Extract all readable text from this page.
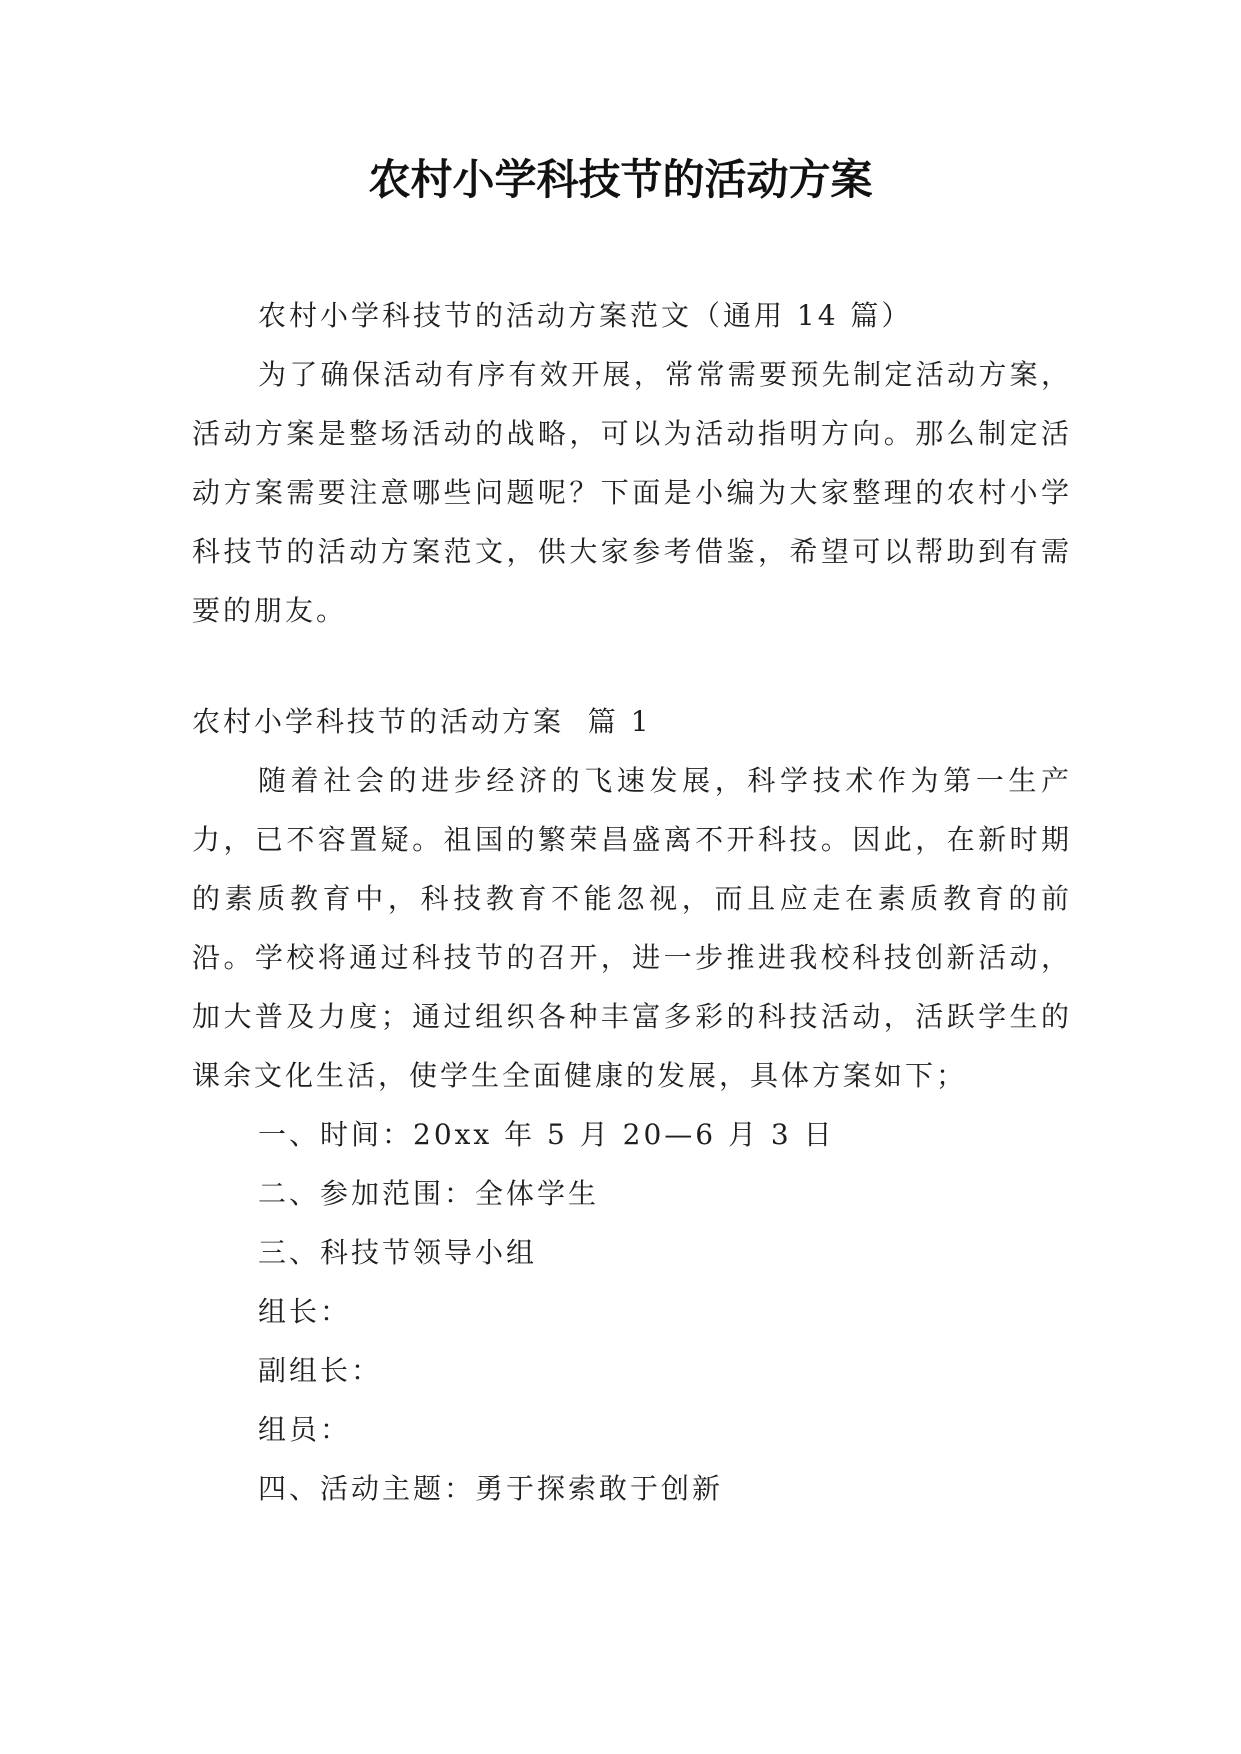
农村小学科技节的活动方案

农村小学科技节的活动方案范文（通用 14 篇）

为了确保活动有序有效开展，常常需要预先制定活动方案，活动方案是整场活动的战略，可以为活动指明方向。那么制定活动方案需要注意哪些问题呢？下面是小编为大家整理的农村小学科技节的活动方案范文，供大家参考借鉴，希望可以帮助到有需要的朋友。

农村小学科技节的活动方案  篇 1

随着社会的进步经济的飞速发展，科学技术作为第一生产力，已不容置疑。祖国的繁荣昌盛离不开科技。因此，在新时期的素质教育中，科技教育不能忽视，而且应走在素质教育的前沿。学校将通过科技节的召开，进一步推进我校科技创新活动，加大普及力度；通过组织各种丰富多彩的科技活动，活跃学生的课余文化生活，使学生全面健康的发展，具体方案如下；

一、时间：20xx 年 5 月 20—6 月 3 日

二、参加范围：全体学生

三、科技节领导小组

组长：

副组长：

组员：

四、活动主题：勇于探索敢于创新
